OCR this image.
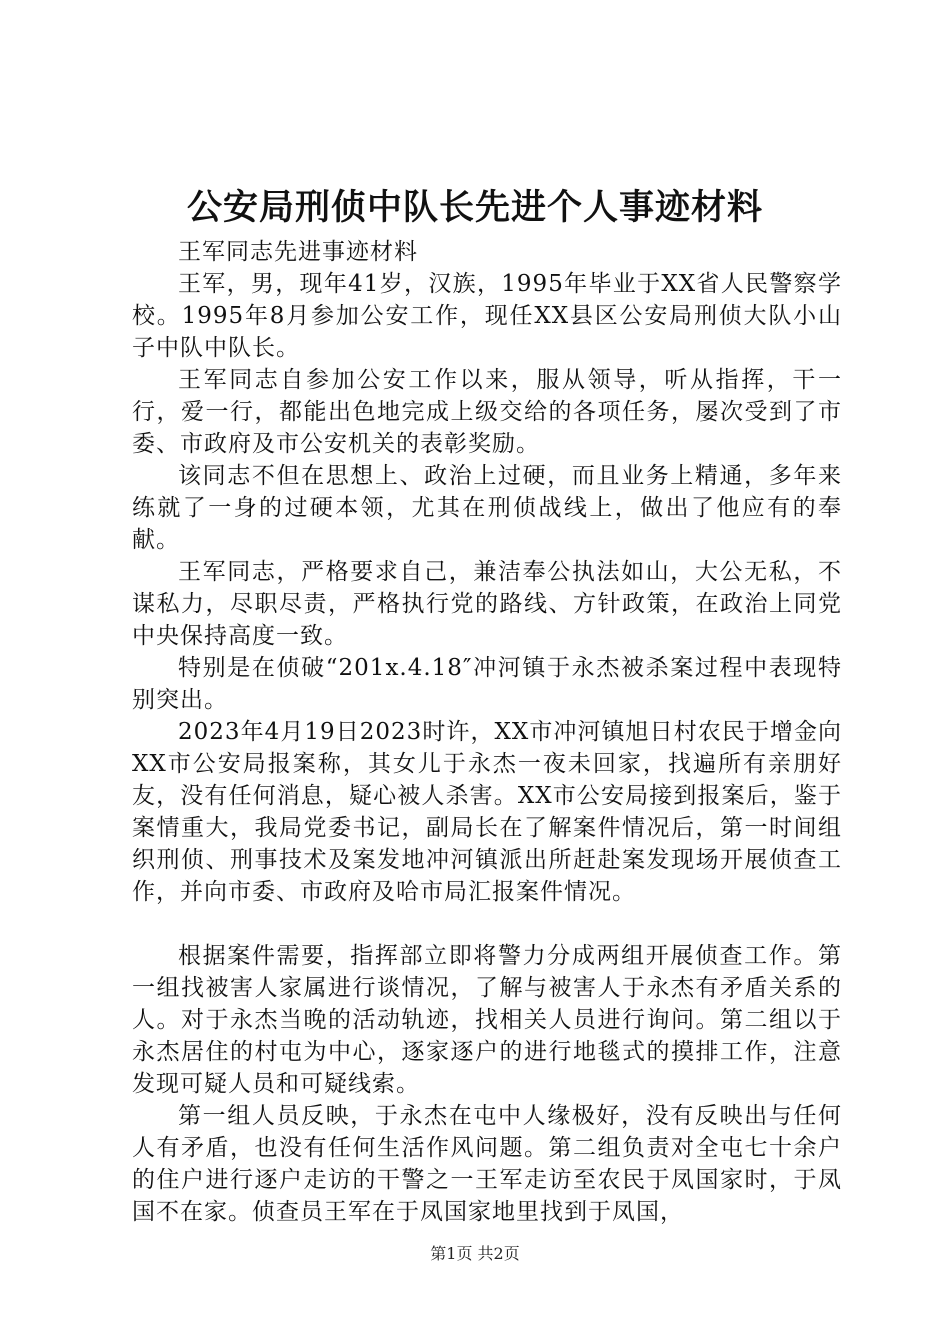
公安局刑侦中队长先进个人事迹材料

王军同志先进事迹材料

王军，男，现年41岁，汉族，1995年毕业于XX省人民警察学校。1995年8月参加公安工作，现任XX县区公安局刑侦大队小山子中队中队长。

王军同志自参加公安工作以来，服从领导，听从指挥，干一行，爱一行，都能出色地完成上级交给的各项任务，屡次受到了市委、市政府及市公安机关的表彰奖励。

该同志不但在思想上、政治上过硬，而且业务上精通，多年来练就了一身的过硬本领，尤其在刑侦战线上，做出了他应有的奉献。

王军同志，严格要求自己，兼洁奉公执法如山，大公无私，不谋私力，尽职尽责，严格执行党的路线、方针政策，在政治上同党中央保持高度一致。

特别是在侦破“201x.4.18″冲河镇于永杰被杀案过程中表现特别突出。

2023年4月19日2023时许，XX市冲河镇旭日村农民于增金向XX市公安局报案称，其女儿于永杰一夜未回家，找遍所有亲朋好友，没有任何消息，疑心被人杀害。XX市公安局接到报案后，鉴于案情重大，我局党委书记，副局长在了解案件情况后，第一时间组织刑侦、刑事技术及案发地冲河镇派出所赶赴案发现场开展侦查工作，并向市委、市政府及哈市局汇报案件情况。

根据案件需要，指挥部立即将警力分成两组开展侦查工作。第一组找被害人家属进行谈情况，了解与被害人于永杰有矛盾关系的人。对于永杰当晚的活动轨迹，找相关人员进行询问。第二组以于永杰居住的村屯为中心，逐家逐户的进行地毯式的摸排工作，注意发现可疑人员和可疑线索。

第一组人员反映，于永杰在屯中人缘极好，没有反映出与任何人有矛盾，也没有任何生活作风问题。第二组负责对全屯七十余户的住户进行逐户走访的干警之一王军走访至农民于凤国家时，于凤国不在家。侦查员王军在于凤国家地里找到于凤国，

第1页 共2页
